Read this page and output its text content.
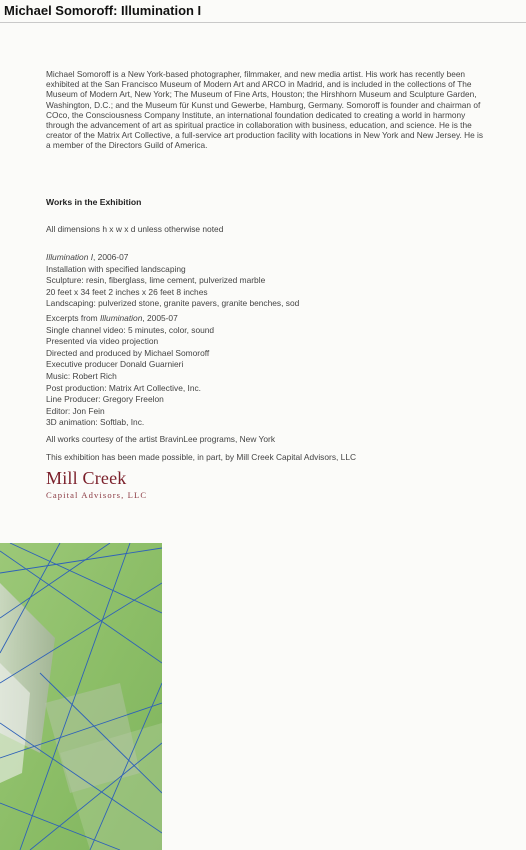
Michael Somoroff: Illumination I
Michael Somoroff is a New York-based photographer, filmmaker, and new media artist. His work has recently been exhibited at the San Francisco Museum of Modern Art and ARCO in Madrid, and is included in the collections of The Museum of Modern Art, New York; The Museum of Fine Arts, Houston; the Hirshhorn Museum and Sculpture Garden, Washington, D.C.; and the Museum für Kunst und Gewerbe, Hamburg, Germany. Somoroff is founder and chairman of COco, the Consciousness Company Institute, an international foundation dedicated to creating a world in harmony through the advancement of art as spiritual practice in collaboration with business, education, and science. He is the creator of the Matrix Art Collective, a full-service art production facility with locations in New York and New Jersey. He is a member of the Directors Guild of America.
Works in the Exhibition
All dimensions h x w x d unless otherwise noted
Illumination I, 2006-07
Installation with specified landscaping
Sculpture: resin, fiberglass, lime cement, pulverized marble
20 feet x 34 feet 2 inches x 26 feet 8 inches
Landscaping: pulverized stone, granite pavers, granite benches, sod
Excerpts from Illumination, 2005-07
Single channel video: 5 minutes, color, sound
Presented via video projection
Directed and produced by Michael Somoroff
Executive producer Donald Guarnieri
Music: Robert Rich
Post production: Matrix Art Collective, Inc.
Line Producer: Gregory Freelon
Editor: Jon Fein
3D animation: Softlab, Inc.
All works courtesy of the artist BravinLee programs, New York
This exhibition has been made possible, in part, by Mill Creek Capital Advisors, LLC
Mill Creek
Capital Advisors, LLC
